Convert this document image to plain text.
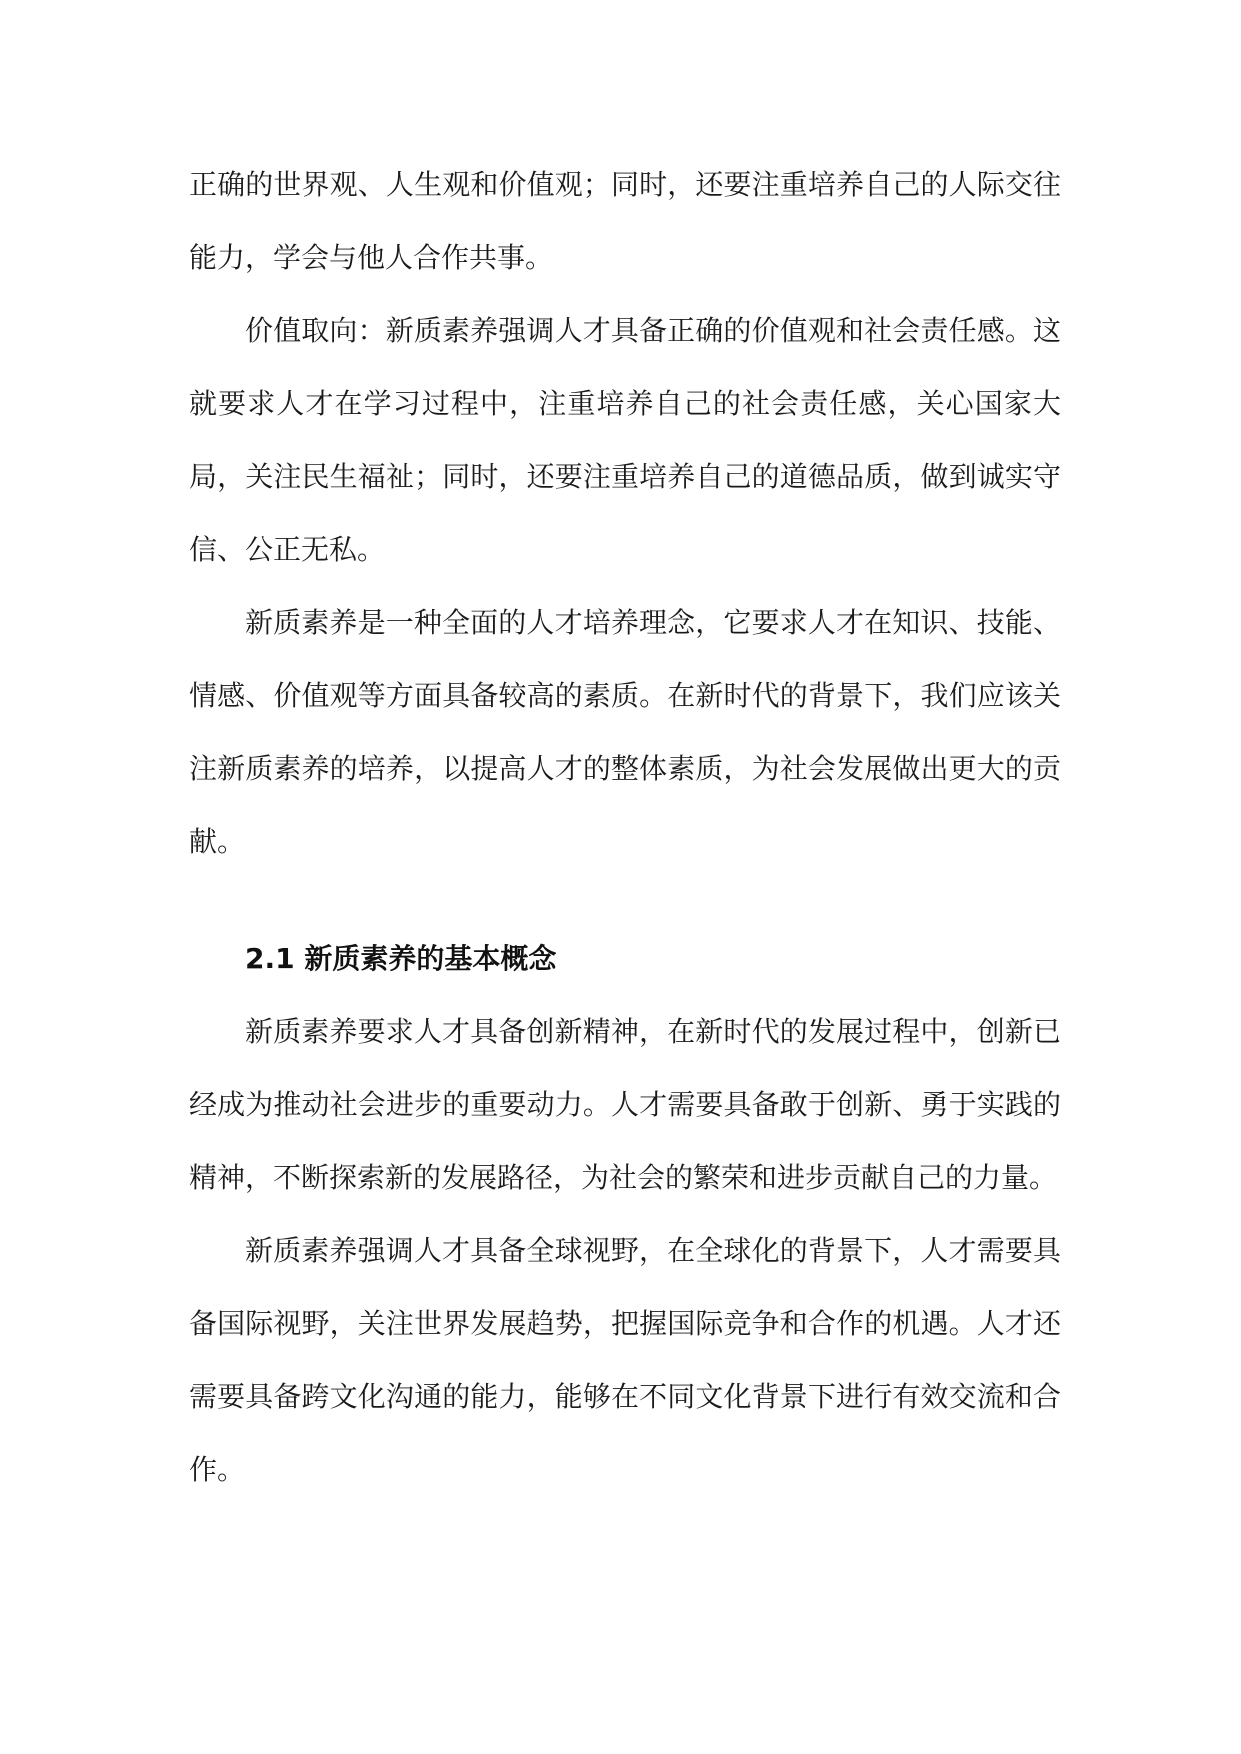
正确的世界观、人生观和价值观；同时，还要注重培养自己的人际交往能力，学会与他人合作共事。

价值取向：新质素养强调人才具备正确的价值观和社会责任感。这就要求人才在学习过程中，注重培养自己的社会责任感，关心国家大局，关注民生福祉；同时，还要注重培养自己的道德品质，做到诚实守信、公正无私。

新质素养是一种全面的人才培养理念，它要求人才在知识、技能、情感、价值观等方面具备较高的素质。在新时代的背景下，我们应该关注新质素养的培养，以提高人才的整体素质，为社会发展做出更大的贡献。

2.1 新质素养的基本概念

新质素养要求人才具备创新精神，在新时代的发展过程中，创新已经成为推动社会进步的重要动力。人才需要具备敢于创新、勇于实践的精神，不断探索新的发展路径，为社会的繁荣和进步贡献自己的力量。

新质素养强调人才具备全球视野，在全球化的背景下，人才需要具备国际视野，关注世界发展趋势，把握国际竞争和合作的机遇。人才还需要具备跨文化沟通的能力，能够在不同文化背景下进行有效交流和合作。
